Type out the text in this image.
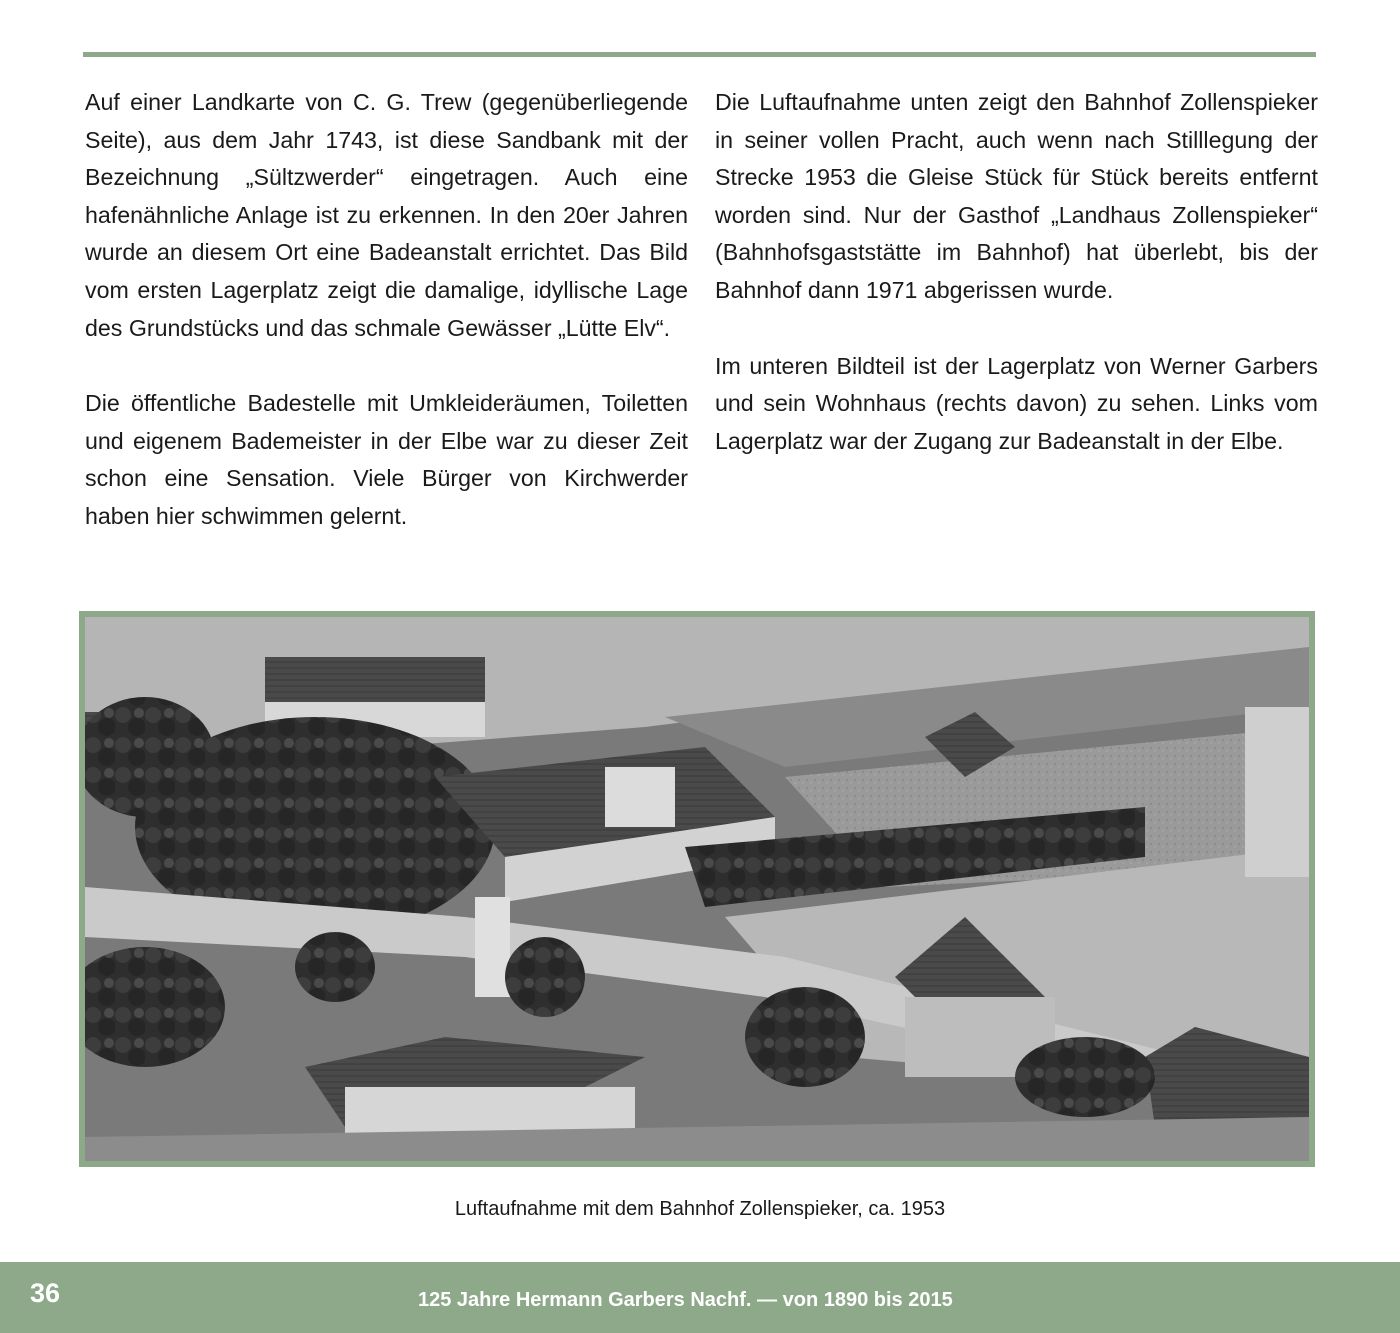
Auf einer Landkarte von C. G. Trew (gegenüberliegende Seite), aus dem Jahr 1743, ist diese Sandbank mit der Bezeichnung „Sültzwerder“ eingetragen. Auch eine hafenähnliche Anlage ist zu erkennen. In den 20er Jahren wurde an diesem Ort eine Badeanstalt errichtet. Das Bild vom ersten Lagerplatz zeigt die damalige, idyllische Lage des Grundstücks und das schmale Gewässer „Lütte Elv“.

Die öffentliche Badestelle mit Umkleideräumen, Toiletten und eigenem Bademeister in der Elbe war zu dieser Zeit schon eine Sensation. Viele Bürger von Kirchwerder haben hier schwimmen gelernt.

Die Luftaufnahme unten zeigt den Bahnhof Zollenspieker in seiner vollen Pracht, auch wenn nach Stilllegung der Strecke 1953 die Gleise Stück für Stück bereits entfernt worden sind. Nur der Gasthof „Landhaus Zollenspieker“ (Bahnhofsgaststätte im Bahnhof) hat überlebt, bis der Bahnhof dann 1971 abgerissen wurde.

Im unteren Bildteil ist der Lagerplatz von Werner Garbers und sein Wohnhaus (rechts davon) zu sehen. Links vom Lagerplatz war der Zugang zur Badeanstalt in der Elbe.

Luftaufnahme mit dem Bahnhof Zollenspieker, ca. 1953
36	125 Jahre Hermann Garbers Nachf. — von 1890 bis 2015
